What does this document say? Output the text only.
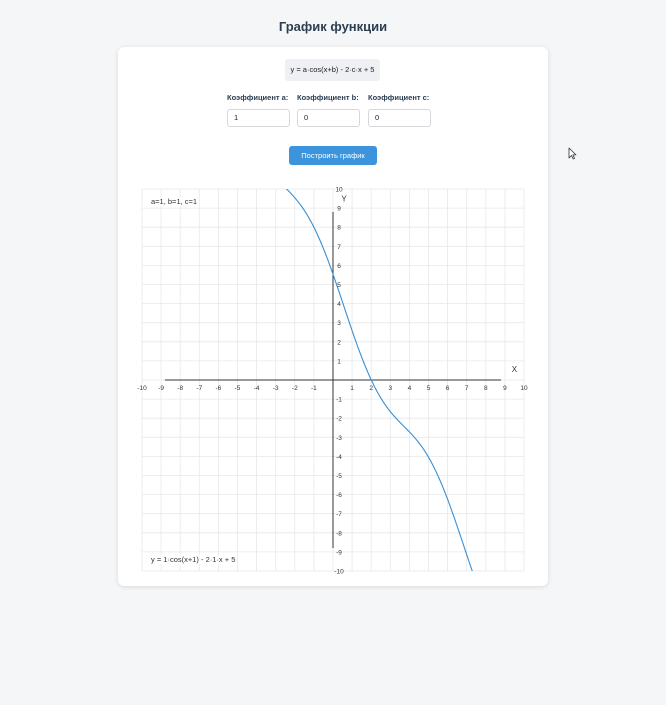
График функции
y = a·cos(x+b) - 2·c·x + 5
Коэффициент a:
1	Коэффициент b:
0	Коэффициент c:
0
Построить график
-10 -9 -8 -7 -6 -5 -4 -3 -2 -1	1 2 3 4 5 6 7 8 9 10
-10
-9
-8
-7
-6
-5
-4
-3
-2
-1
1
2
3
4
5
6
7
8
9
10
X
Y
a=1, b=1, c=1
y = 1·cos(x+1) - 2·1·x + 5
